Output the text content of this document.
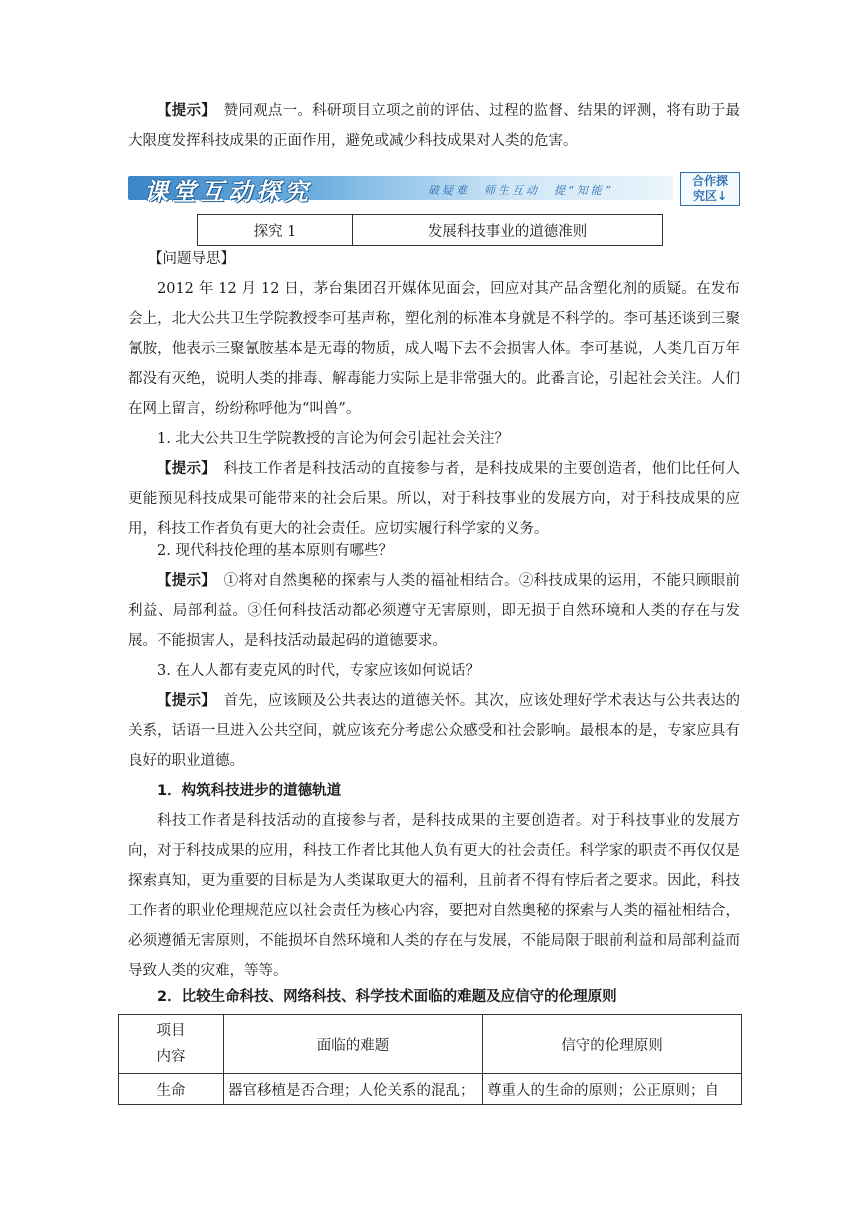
【提示】　赞同观点一。科研项目立项之前的评估、过程的监督、结果的评测，将有助于最大限度发挥科技成果的正面作用，避免或减少科技成果对人类的危害。

课堂互动探究	破疑难　师生互动　提“知能”
合作探
究区↓
探究 1	发展科技事业的道德准则

【问题导思】

2012 年 12 月 12 日，茅台集团召开媒体见面会，回应对其产品含塑化剂的质疑。在发布会上，北大公共卫生学院教授李可基声称，塑化剂的标准本身就是不科学的。李可基还谈到三聚氰胺，他表示三聚氰胺基本是无毒的物质，成人喝下去不会损害人体。李可基说，人类几百万年都没有灭绝，说明人类的排毒、解毒能力实际上是非常强大的。此番言论，引起社会关注。人们在网上留言，纷纷称呼他为“叫兽”。

1. 北大公共卫生学院教授的言论为何会引起社会关注？

【提示】　科技工作者是科技活动的直接参与者，是科技成果的主要创造者，他们比任何人更能预见科技成果可能带来的社会后果。所以，对于科技事业的发展方向，对于科技成果的应用，科技工作者负有更大的社会责任。应切实履行科学家的义务。

2. 现代科技伦理的基本原则有哪些？

【提示】　①将对自然奥秘的探索与人类的福祉相结合。②科技成果的运用，不能只顾眼前利益、局部利益。③任何科技活动都必须遵守无害原则，即无损于自然环境和人类的存在与发展。不能损害人，是科技活动最起码的道德要求。

3. 在人人都有麦克风的时代，专家应该如何说话？

【提示】　首先，应该顾及公共表达的道德关怀。其次，应该处理好学术表达与公共表达的关系，话语一旦进入公共空间，就应该充分考虑公众感受和社会影响。最根本的是，专家应具有良好的职业道德。

1．构筑科技进步的道德轨道

科技工作者是科技活动的直接参与者，是科技成果的主要创造者。对于科技事业的发展方向，对于科技成果的应用，科技工作者比其他人负有更大的社会责任。科学家的职责不再仅仅是探索真知，更为重要的目标是为人类谋取更大的福利，且前者不得有悖后者之要求。因此，科技工作者的职业伦理规范应以社会责任为核心内容，要把对自然奥秘的探索与人类的福祉相结合，必须遵循无害原则，不能损坏自然环境和人类的存在与发展，不能局限于眼前利益和局部利益而导致人类的灾难，等等。

2．比较生命科技、网络科技、科学技术面临的难题及应信守的伦理原则

项目
内容	面临的难题	信守的伦理原则
生命	器官移植是否合理；人伦关系的混乱；	尊重人的生命的原则；公正原则；自
